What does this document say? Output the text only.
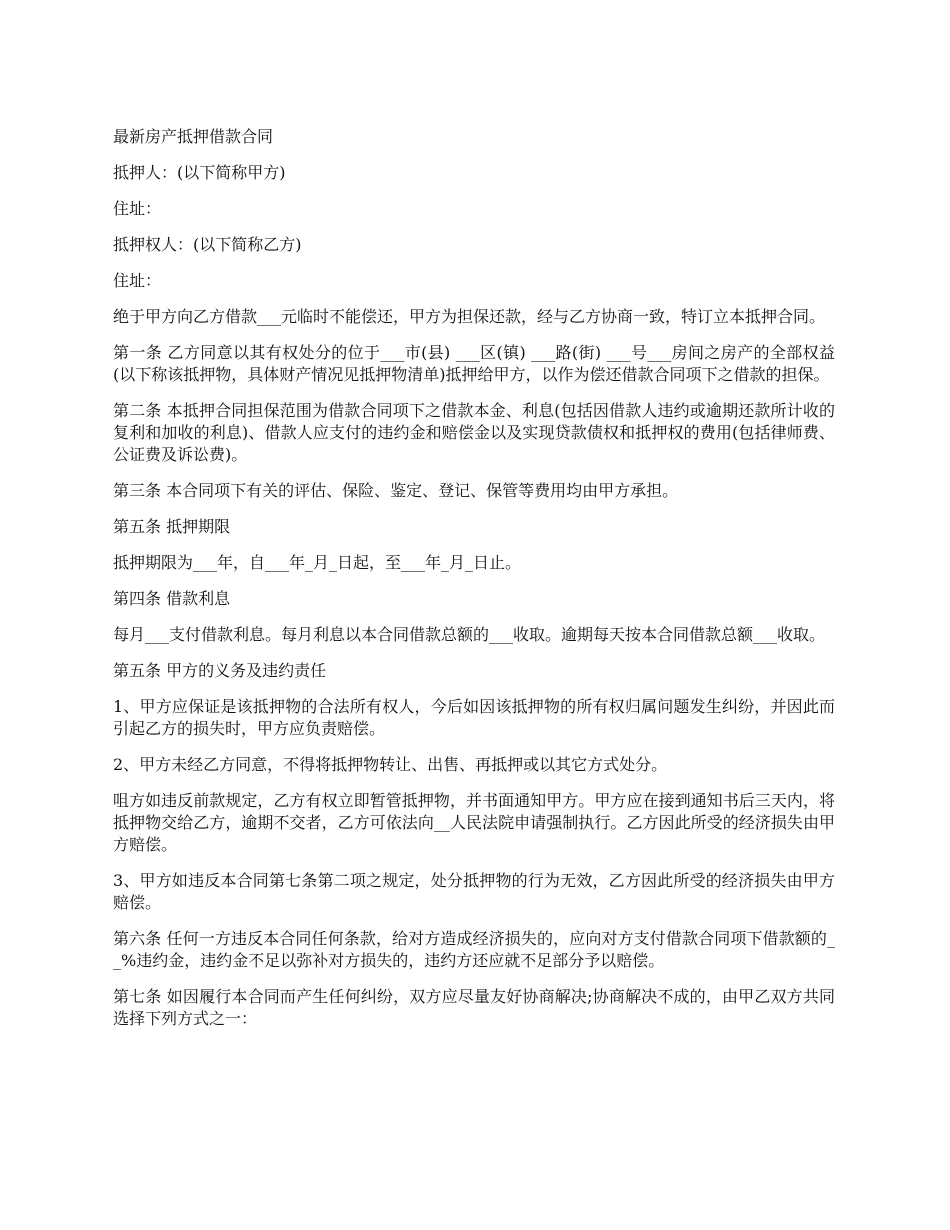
最新房产抵押借款合同

抵押人：(以下简称甲方)

住址：

抵押权人：(以下简称乙方)

住址：

绝于甲方向乙方借款___元临时不能偿还，甲方为担保还款，经与乙方协商一致，特订立本抵押合同。

第一条 乙方同意以其有权处分的位于___市(县) ___区(镇) ___路(街) ___号___房间之房产的全部权益(以下称该抵押物，具体财产情况见抵押物清单)抵押给甲方，以作为偿还借款合同项下之借款的担保。

第二条 本抵押合同担保范围为借款合同项下之借款本金、利息(包括因借款人违约或逾期还款所计收的复利和加收的利息)、借款人应支付的违约金和赔偿金以及实现贷款债权和抵押权的费用(包括律师费、公证费及诉讼费)。

第三条 本合同项下有关的评估、保险、鉴定、登记、保管等费用均由甲方承担。

第五条 抵押期限

抵押期限为___年，自___年_月_日起，至___年_月_日止。

第四条 借款利息

每月___支付借款利息。每月利息以本合同借款总额的___收取。逾期每天按本合同借款总额___收取。

第五条 甲方的义务及违约责任

1、甲方应保证是该抵押物的合法所有权人，今后如因该抵押物的所有权归属问题发生纠纷，并因此而引起乙方的损失时，甲方应负责赔偿。

2、甲方未经乙方同意，不得将抵押物转让、出售、再抵押或以其它方式处分。

咀方如违反前款规定，乙方有权立即暂管抵押物，并书面通知甲方。甲方应在接到通知书后三天内，将抵押物交给乙方，逾期不交者，乙方可依法向__人民法院申请强制执行。乙方因此所受的经济损失由甲方赔偿。

3、甲方如违反本合同第七条第二项之规定，处分抵押物的行为无效，乙方因此所受的经济损失由甲方赔偿。

第六条 任何一方违反本合同任何条款，给对方造成经济损失的，应向对方支付借款合同项下借款额的__%违约金，违约金不足以弥补对方损失的，违约方还应就不足部分予以赔偿。

第七条 如因履行本合同而产生任何纠纷，双方应尽量友好协商解决;协商解决不成的，由甲乙双方共同选择下列方式之一：
